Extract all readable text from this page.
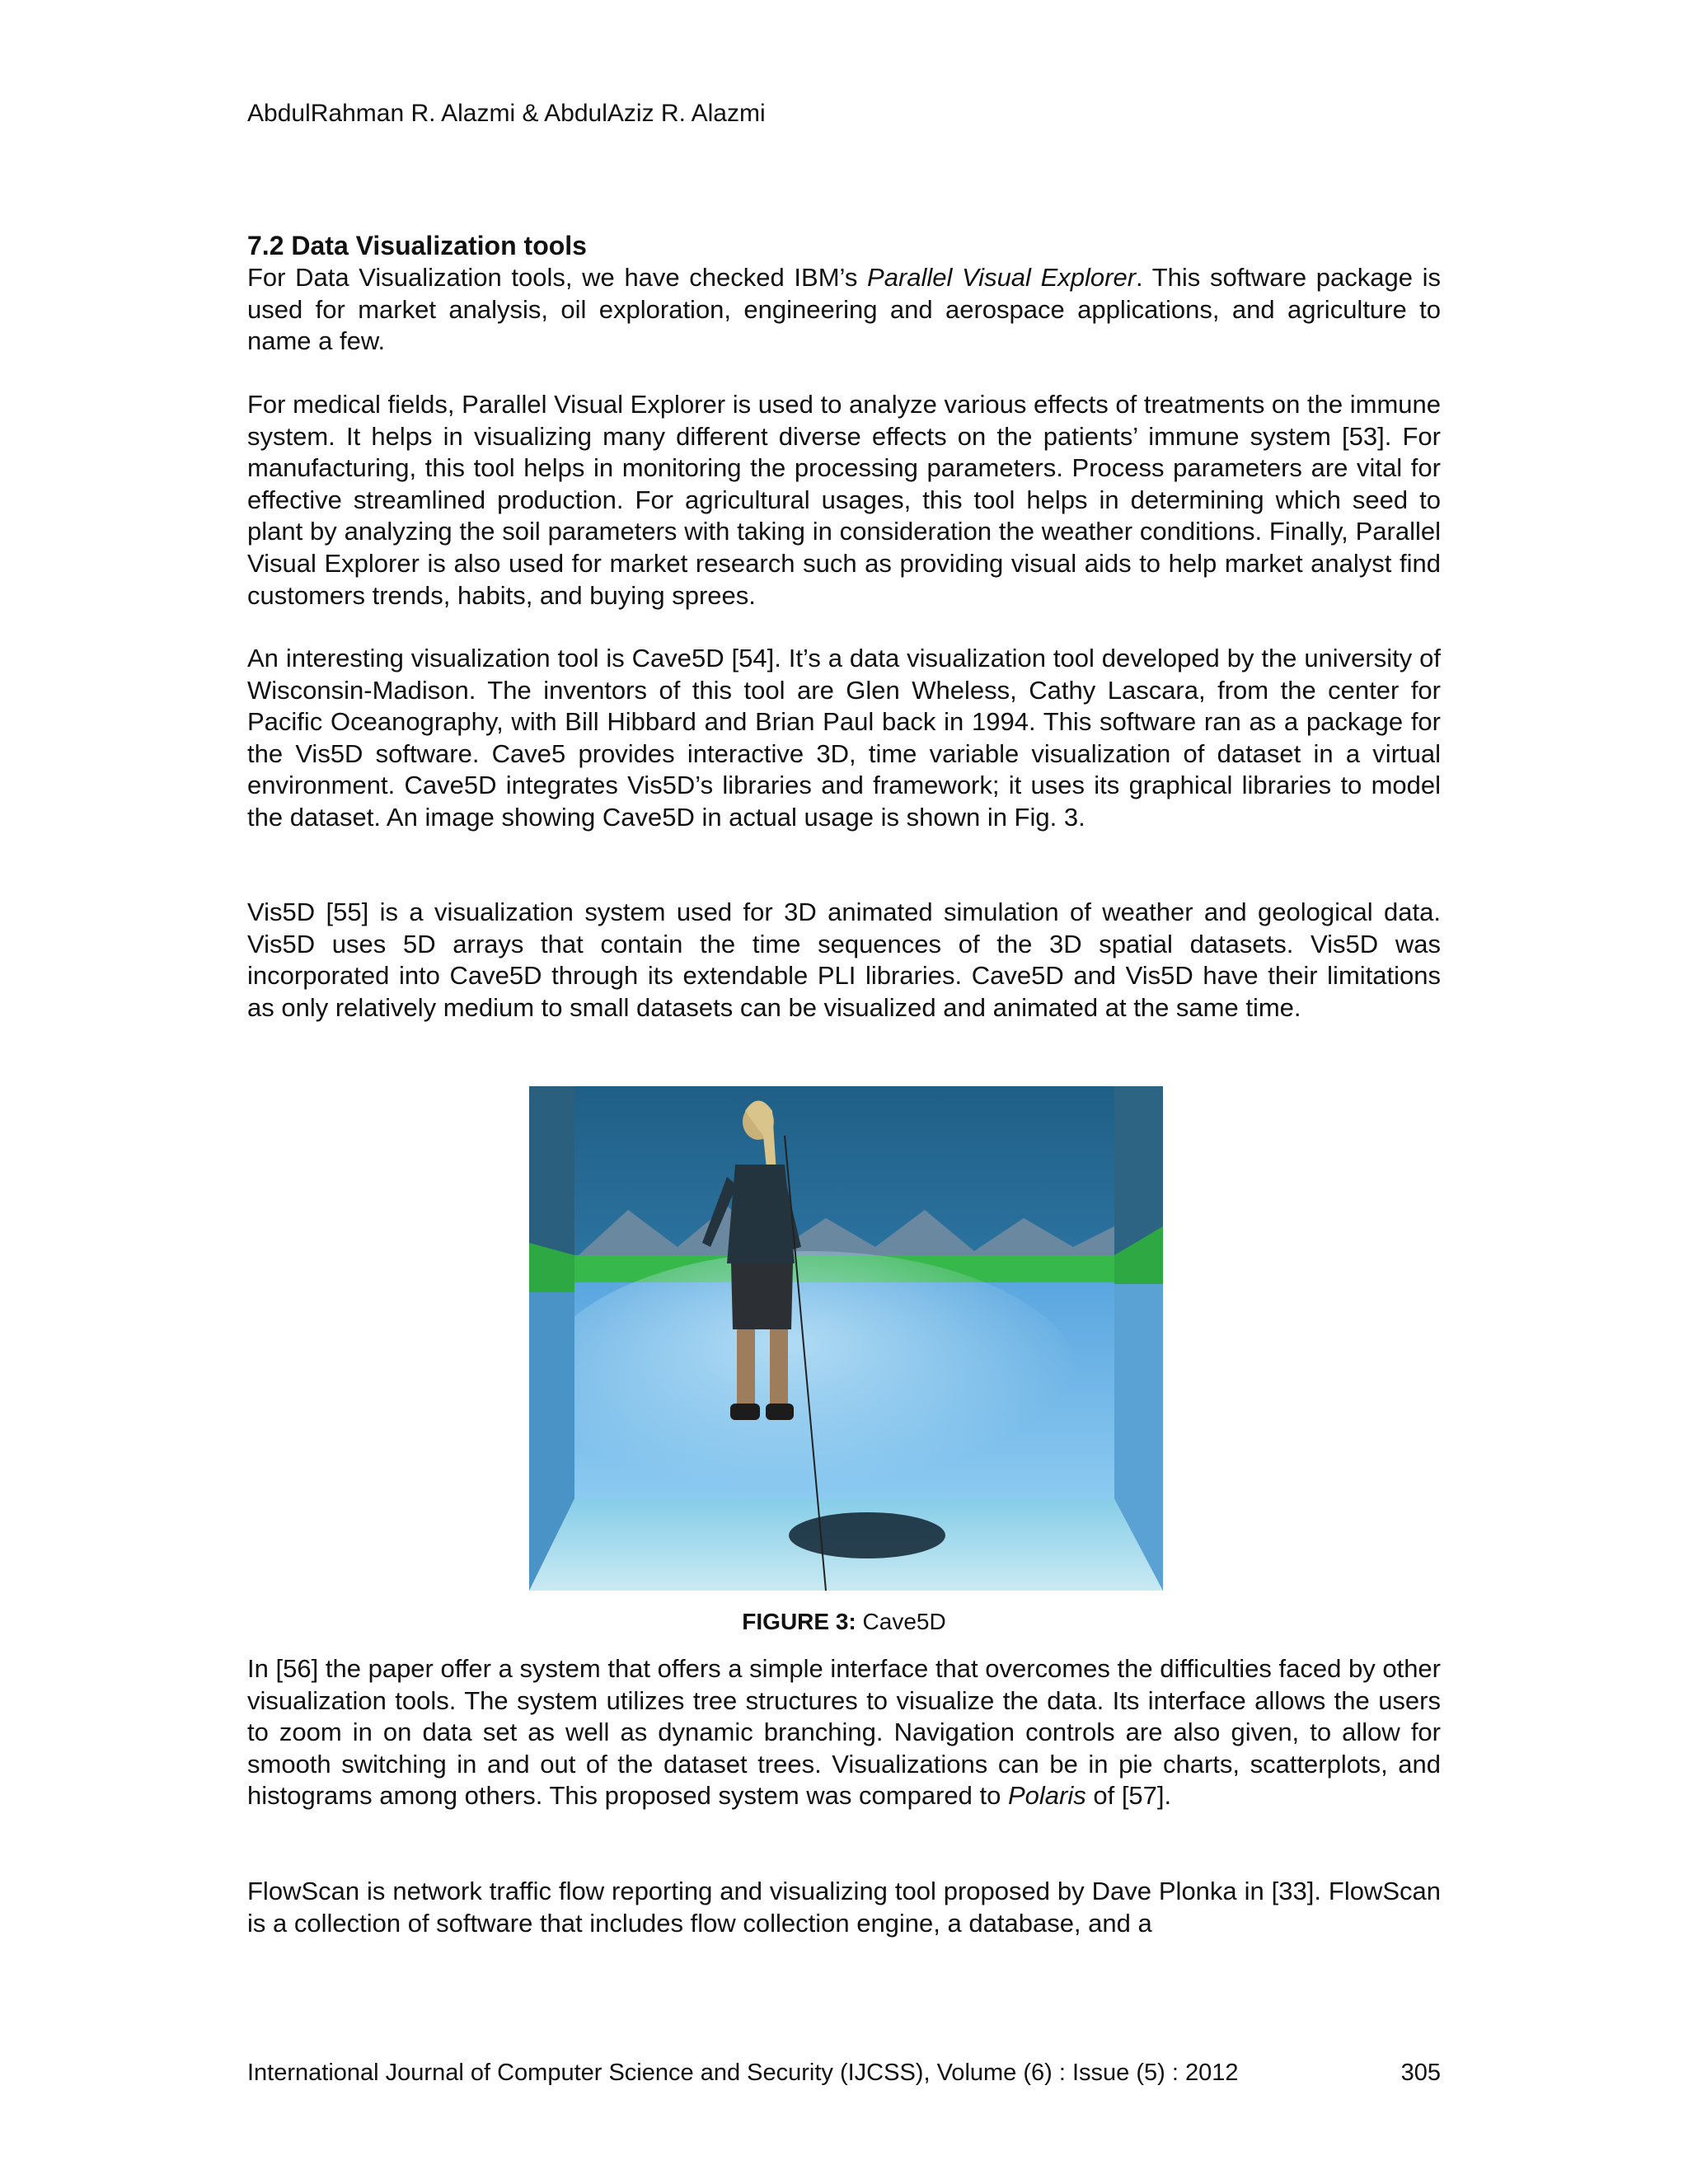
AbdulRahman R. Alazmi & AbdulAziz R. Alazmi
7.2 Data Visualization tools

For Data Visualization tools, we have checked IBM’s Parallel Visual Explorer. This software package is used for market analysis, oil exploration, engineering and aerospace applications, and agriculture to name a few.

For medical fields, Parallel Visual Explorer is used to analyze various effects of treatments on the immune system. It helps in visualizing many different diverse effects on the patients’ immune system [53]. For manufacturing, this tool helps in monitoring the processing parameters. Process parameters are vital for effective streamlined production. For agricultural usages, this tool helps in determining which seed to plant by analyzing the soil parameters with taking in consideration the weather conditions. Finally, Parallel Visual Explorer is also used for market research such as providing visual aids to help market analyst find customers trends, habits, and buying sprees.

An interesting visualization tool is Cave5D [54]. It’s a data visualization tool developed by the university of Wisconsin-Madison. The inventors of this tool are Glen Wheless, Cathy Lascara, from the center for Pacific Oceanography, with Bill Hibbard and Brian Paul back in 1994. This software ran as a package for the Vis5D software. Cave5 provides interactive 3D, time variable visualization of dataset in a virtual environment. Cave5D integrates Vis5D’s libraries and framework; it uses its graphical libraries to model the dataset. An image showing Cave5D in actual usage is shown in Fig. 3.

Vis5D [55] is a visualization system used for 3D animated simulation of weather and geological data. Vis5D uses 5D arrays that contain the time sequences of the 3D spatial datasets. Vis5D was incorporated into Cave5D through its extendable PLI libraries. Cave5D and Vis5D have their limitations as only relatively medium to small datasets can be visualized and animated at the same time.

FIGURE 3: Cave5D

In [56] the paper offer a system that offers a simple interface that overcomes the difficulties faced by other visualization tools. The system utilizes tree structures to visualize the data. Its interface allows the users to zoom in on data set as well as dynamic branching. Navigation controls are also given, to allow for smooth switching in and out of the dataset trees. Visualizations can be in pie charts, scatterplots, and histograms among others. This proposed system was compared to Polaris of [57].

FlowScan is network traffic flow reporting and visualizing tool proposed by Dave Plonka in [33]. FlowScan is a collection of software that includes flow collection engine, a database, and a

International Journal of Computer Science and Security (IJCSS), Volume (6) : Issue (5) : 2012	305
